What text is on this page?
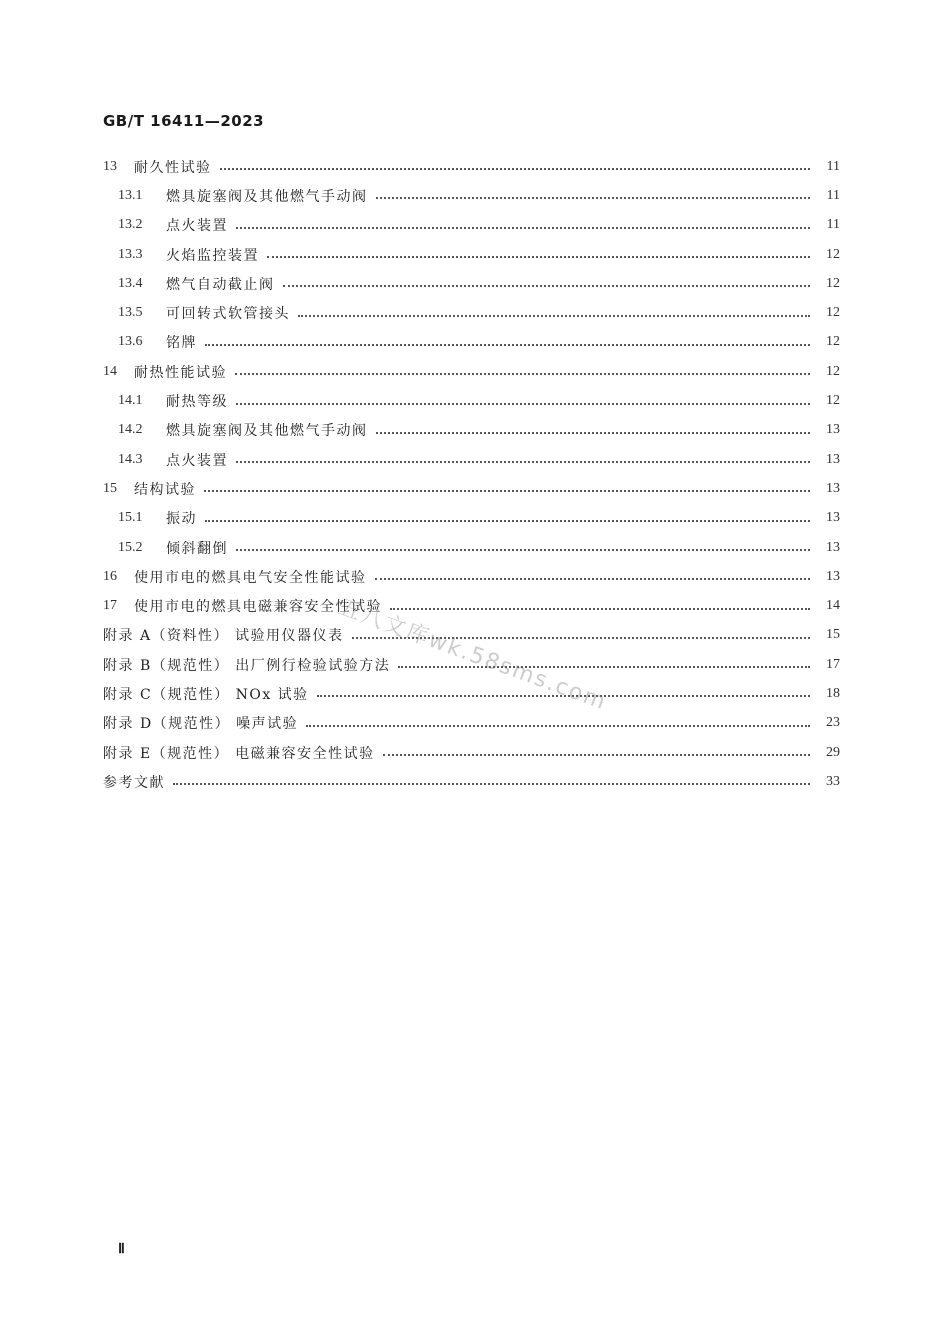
GB/T 16411—2023
13	耐久性试验	11
13.1	燃具旋塞阀及其他燃气手动阀	11
13.2	点火装置	11
13.3	火焰监控装置	12
13.4	燃气自动截止阀	12
13.5	可回转式软管接头	12
13.6	铭牌	12
14	耐热性能试验	12
14.1	耐热等级	12
14.2	燃具旋塞阀及其他燃气手动阀	13
14.3	点火装置	13
15	结构试验	13
15.1	振动	13
15.2	倾斜翻倒	13
16	使用市电的燃具电气安全性能试验	13
17	使用市电的燃具电磁兼容安全性试验	14
附录 A（资料性） 试验用仪器仪表	15
附录 B（规范性） 出厂例行检验试验方法	17
附录 C（规范性） NOx 试验	18
附录 D（规范性） 噪声试验	23
附录 E（规范性） 电磁兼容安全性试验	29
参考文献	33
五八文库wk.58sms.com
Ⅱ
